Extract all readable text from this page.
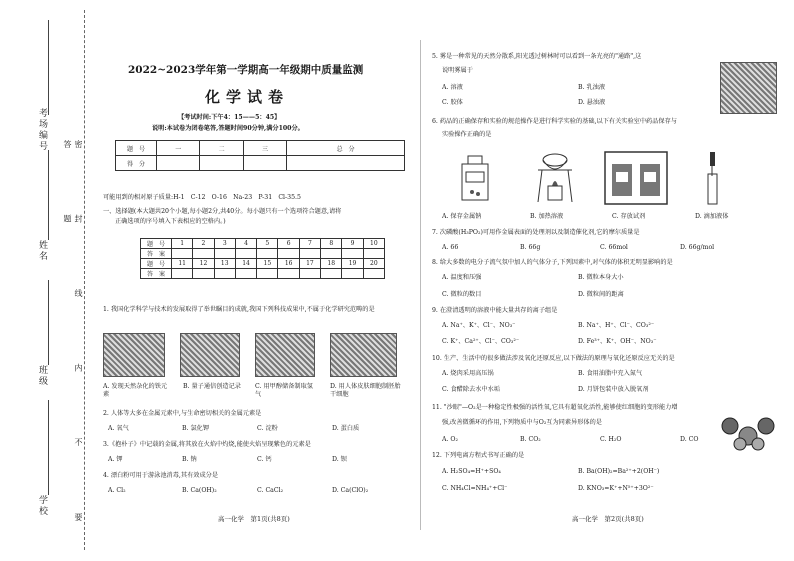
考场编号
姓名
班级
学校	密 封 线 内 不 要 答 题
2022~2023学年第一学期高一年级期中质量监测
化学试卷
【考试时间:下午4：15——5：45】
说明:本试卷为闭卷笔答,答题时间90分钟,满分100分。
题　号	一	二	三	总　分
得　分				
可能用到的相对原子质量:H-1　C-12　O-16　Na-23　P-31　Cl-35.5
一、选择题(本大题共20个小题,每小题2分,共40分。每小题只有一个选项符合题意,请将
正确选项的序号填入下表相应的空格内。)
题　号	1	2	3	4	5	6	7	8	9	10
答　案										
题　号	11	12	13	14	15	16	17	18	19	20
答　案										
1. 我国化学科学与技术的发展取得了举世瞩目的成就,我国下列科技成果中,不属于化学研究范畴的是
A. 发现天然杂化的铁元素
B. 量子通信创造记录	C. 用甲醇储备制取氢气
D. 用人体皮肤细胞制胚胎干细胞
2. 人体等大多在金属元素中,与生命密切相关的金属元素是
A. 氧气	B. 氯化钾	C. 淀粉	D. 蛋白质
3.《抱朴子》中记载的金属,将其放在火焰中灼烧,能使火焰呈现紫色的元素是
A. 钾	B. 钠	C. 钙	D. 钡
4. 漂白粉可用于游泳池消毒,其有效成分是
A. Cl₂	B. Ca(OH)₂	C. CaCl₂	D. Ca(ClO)₂
高一化学　第1页(共8页)
5. 雾是一种常见的天然分散系,阳光透过树林时可以看到一条光亮的"通路",这
说明雾属于
A. 溶液	B. 乳浊液
C. 胶体	D. 悬浊液
6. 药品的正确保存和实验的规范操作是进行科学实验的基础,以下有关实验室中药品保存与
实验操作正确的是
A. 保存金属钠	B. 加热溶液	C. 存放试剂	D. 滴加液体
7. 次磷酸(H₃PO₂)可用作金属表面的处理剂以及制造催化剂,它的摩尔质量是
A. 66	B. 66g	C. 66mol	D. 66g/mol
8. 给大多数的电分子流气氛中加人的气体分子,下列因素中,对气体的体积无明显影响的是
A. 温度和压强	B. 微粒本身大小
C. 微粒的数目	D. 微粒间的距离
9. 在澄清透明的溶液中能大量共存的离子组是
A. Na⁺、K⁺、Cl⁻、NO₃⁻	B. Na⁺、H⁺、Cl⁻、CO₃²⁻
C. K⁺、Ca²⁺、Cl⁻、CO₃²⁻	D. Fe³⁺、K⁺、OH⁻、NO₃⁻
10. 生产、生活中的很多做法涉及氧化还原反应,以下做法的原理与氧化还原反应无关的是
A. 烧肉采用高压锅	B. 食用油脂中充入氮气
C. 食醋除去水中水垢	D. 月饼包装中放入脱氧剂
11. "沙眼"—O₂是一种稳定性极强的活性氧,它具有超氧化活性,能够使红细胞的变形能力增
强,改善微循环的作用,下列物质中与O₂互为同素异形体的是
A. O₂	B. CO₂	C. H₂O	D. CO
12. 下列电离方程式书写正确的是
A. H₂SO₄=H⁺+SO₄	B. Ba(OH)₂=Ba²⁺+2(OH⁻)
C. NH₄Cl=NH₄⁺+Cl⁻	D. KNO₃=K⁺+N⁵⁺+3O²⁻
高一化学　第2页(共8页)
